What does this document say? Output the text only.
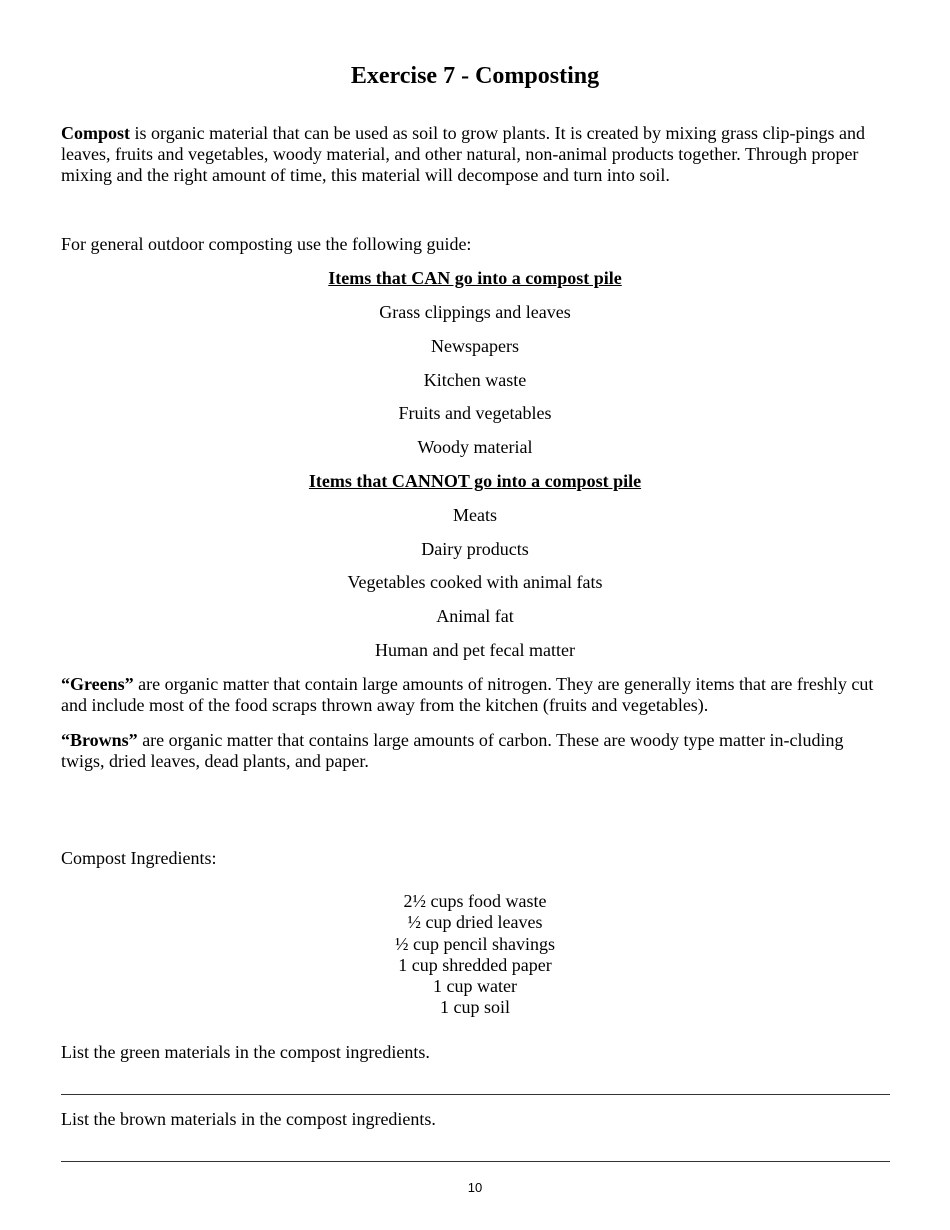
Exercise 7 - Composting

Compost is organic material that can be used as soil to grow plants. It is created by mixing grass clip-pings and leaves, fruits and vegetables, woody material, and other natural, non-animal products together. Through proper mixing and the right amount of time, this material will decompose and turn into soil.

For general outdoor composting use the following guide:

Items that CAN go into a compost pile

Grass clippings and leaves

Newspapers

Kitchen waste

Fruits and vegetables

Woody material

Items that CANNOT go into a compost pile

Meats

Dairy products

Vegetables cooked with animal fats

Animal fat

Human and pet fecal matter

“Greens” are organic matter that contain large amounts of nitrogen. They are generally items that are freshly cut and include most of the food scraps thrown away from the kitchen (fruits and vegetables).

“Browns” are organic matter that contains large amounts of carbon. These are woody type matter in-cluding twigs, dried leaves, dead plants, and paper.

Compost Ingredients:

2½ cups food waste
½ cup dried leaves
½ cup pencil shavings
1 cup shredded paper
1 cup water
1 cup soil

List the green materials in the compost ingredients.

List the brown materials in the compost ingredients.

10
